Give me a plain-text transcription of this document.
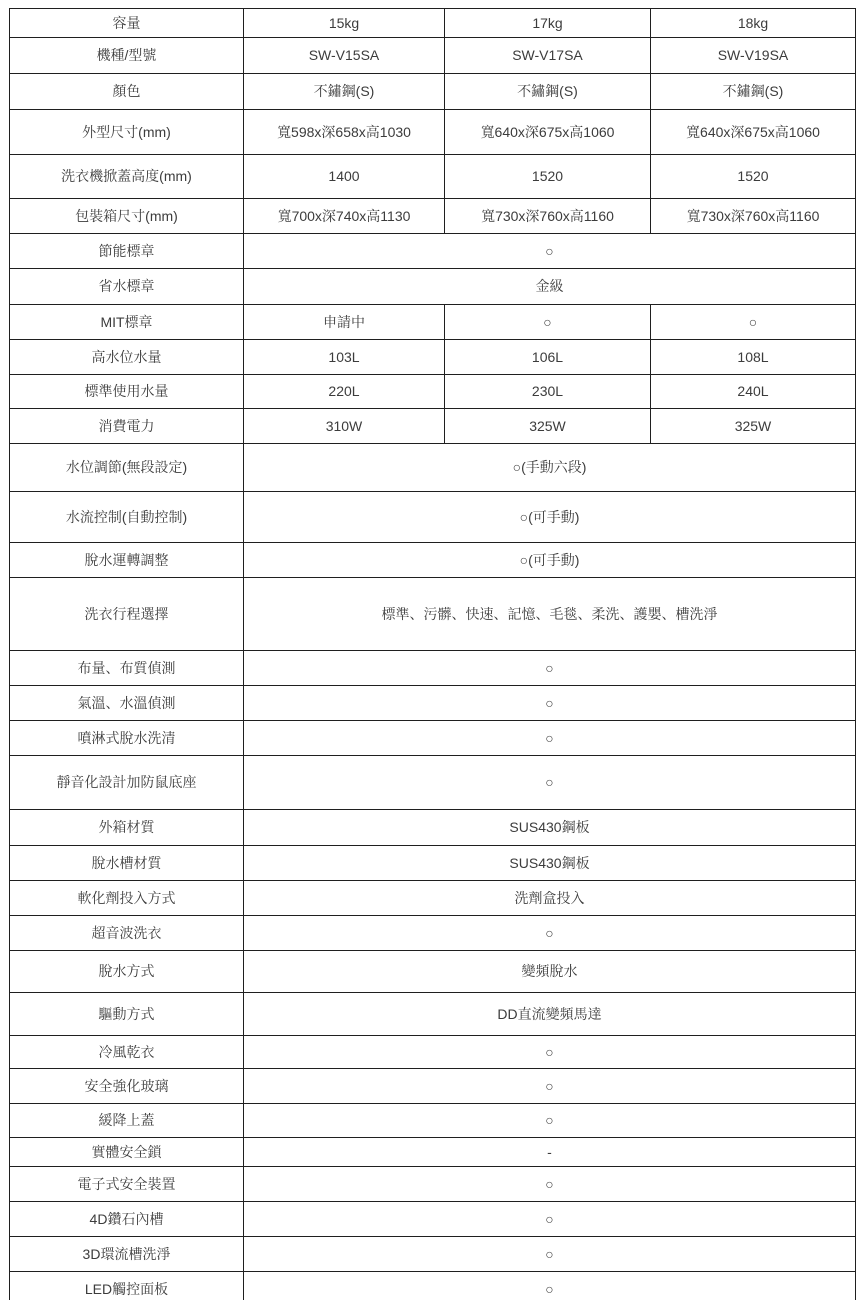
容量	15kg	17kg	18kg
機種/型號	SW-V15SA	SW-V17SA	SW-V19SA
顏色	不鏽鋼(S)	不鏽鋼(S)	不鏽鋼(S)
外型尺寸(mm)	寬598x深658x高1030	寬640x深675x高1060	寬640x深675x高1060
洗衣機掀蓋高度(mm)	1400	1520	1520
包裝箱尺寸(mm)	寬700x深740x高1130	寬730x深760x高1160	寬730x深760x高1160
節能標章	○		
省水標章	金級		
MIT標章	申請中	○	○
高水位水量	103L	106L	108L
標準使用水量	220L	230L	240L
消費電力	310W	325W	325W
水位調節(無段設定)	○(手動六段)		
水流控制(自動控制)	○(可手動)		
脫水運轉調整	○(可手動)		
洗衣行程選擇	標準、污髒、快速、記憶、毛毯、柔洗、護嬰、槽洗淨		
布量、布質偵測	○		
氣溫、水溫偵測	○		
噴淋式脫水洗清	○		
靜音化設計加防鼠底座	○		
外箱材質	SUS430鋼板		
脫水槽材質	SUS430鋼板		
軟化劑投入方式	洗劑盒投入		
超音波洗衣	○		
脫水方式	變頻脫水		
驅動方式	DD直流變頻馬達		
冷風乾衣	○		
安全強化玻璃	○		
緩降上蓋	○		
實體安全鎖	-		
電子式安全裝置	○		
4D鑽石內槽	○		
3D環流槽洗淨	○		
LED觸控面板	○		
